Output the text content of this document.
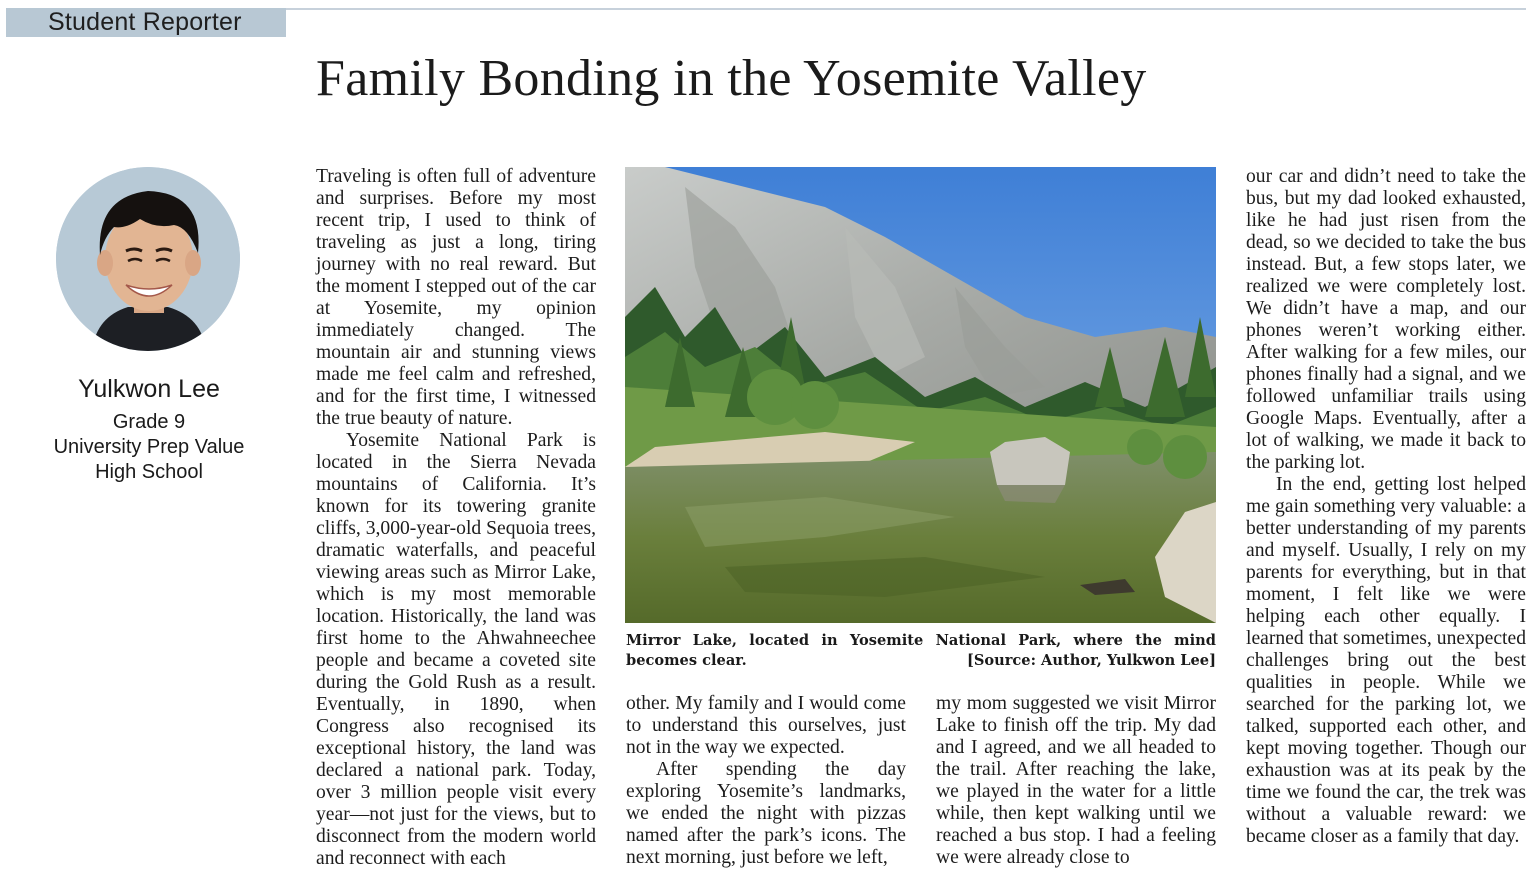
Student Reporter
Family Bonding in the Yosemite Valley
Yulkwon Lee
Grade 9
University Prep Value
High School

Traveling is often full of adventure and surprises. Before my most recent trip, I used to think of traveling as just a long, tiring journey with no real reward. But the moment I stepped out of the car at Yosemite, my opinion immediately changed. The mountain air and stunning views made me feel calm and refreshed, and for the first time, I witnessed the true beauty of nature.

Yosemite National Park is located in the Sierra Nevada mountains of California. It’s known for its towering granite cliffs, 3,000-year-old Sequoia trees, dramatic waterfalls, and peaceful viewing areas such as Mirror Lake, which is my most memorable location. Historically, the land was first home to the Ahwahneechee people and became a coveted site during the Gold Rush as a result. Eventually, in 1890, when Congress also recognised its exceptional history, the land was declared a national park. Today, over 3 million people visit every year—not just for the views, but to disconnect from the modern world and reconnect with each

Mirror Lake, located in Yosemite National Park, where the mind becomes clear.	[Source: Author, Yulkwon Lee]

other. My family and I would come to understand this ourselves, just not in the way we expected.

After spending the day exploring Yosemite’s landmarks, we ended the night with pizzas named after the park’s icons. The next morning, just before we left,

my mom suggested we visit Mirror Lake to finish off the trip. My dad and I agreed, and we all headed to the trail. After reaching the lake, we played in the water for a little while, then kept walking until we reached a bus stop. I had a feeling we were already close to

our car and didn’t need to take the bus, but my dad looked exhausted, like he had just risen from the dead, so we decided to take the bus instead. But, a few stops later, we realized we were completely lost. We didn’t have a map, and our phones weren’t working either. After walking for a few miles, our phones finally had a signal, and we followed unfamiliar trails using Google Maps. Eventually, after a lot of walking, we made it back to the parking lot.

In the end, getting lost helped me gain something very valuable: a better understanding of my parents and myself. Usually, I rely on my parents for everything, but in that moment, I felt like we were helping each other equally. I learned that sometimes, unexpected challenges bring out the best qualities in people. While we searched for the parking lot, we talked, supported each other, and kept moving together. Though our exhaustion was at its peak by the time we found the car, the trek was without a valuable reward: we became closer as a family that day.
